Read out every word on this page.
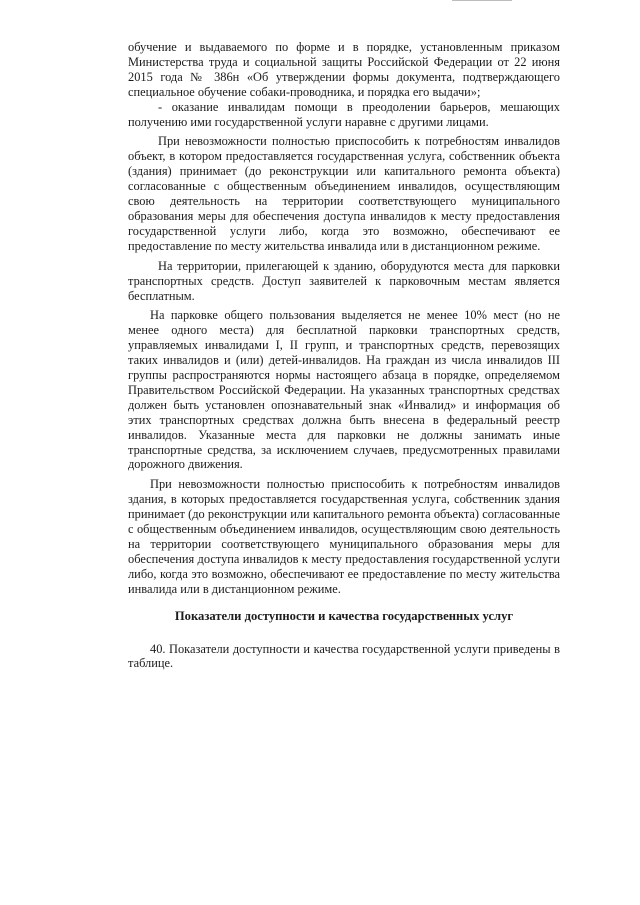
обучение и выдаваемого по форме и в порядке, установленным приказом Министерства труда и социальной защиты Российской Федерации от 22 июня 2015 года № 386н «Об утверждении формы документа, подтверждающего специальное обучение собаки-проводника, и порядка его выдачи»;

- оказание инвалидам помощи в преодолении барьеров, мешающих получению ими государственной услуги наравне с другими лицами.

При невозможности полностью приспособить к потребностям инвалидов объект, в котором предоставляется государственная услуга, собственник объекта (здания) принимает (до реконструкции или капитального ремонта объекта) согласованные с общественным объединением инвалидов, осуществляющим свою деятельность на территории соответствующего муниципального образования меры для обеспечения доступа инвалидов к месту предоставления государственной услуги либо, когда это возможно, обеспечивают ее предоставление по месту жительства инвалида или в дистанционном режиме.

На территории, прилегающей к зданию, оборудуются места для парковки транспортных средств. Доступ заявителей к парковочным местам является бесплатным.

На парковке общего пользования выделяется не менее 10% мест (но не менее одного места) для бесплатной парковки транспортных средств, управляемых инвалидами I, II групп, и транспортных средств, перевозящих таких инвалидов и (или) детей-инвалидов. На граждан из числа инвалидов III группы распространяются нормы настоящего абзаца в порядке, определяемом Правительством Российской Федерации. На указанных транспортных средствах должен быть установлен опознавательный знак «Инвалид» и информация об этих транспортных средствах должна быть внесена в федеральный реестр инвалидов. Указанные места для парковки не должны занимать иные транспортные средства, за исключением случаев, предусмотренных правилами дорожного движения.

При невозможности полностью приспособить к потребностям инвалидов здания, в которых предоставляется государственная услуга, собственник здания принимает (до реконструкции или капитального ремонта объекта) согласованные с общественным объединением инвалидов, осуществляющим свою деятельность на территории соответствующего муниципального образования меры для обеспечения доступа инвалидов к месту предоставления государственной услуги либо, когда это возможно, обеспечивают ее предоставление по месту жительства инвалида или в дистанционном режиме.

Показатели доступности и качества государственных услуг

40. Показатели доступности и качества государственной услуги приведены в таблице.
